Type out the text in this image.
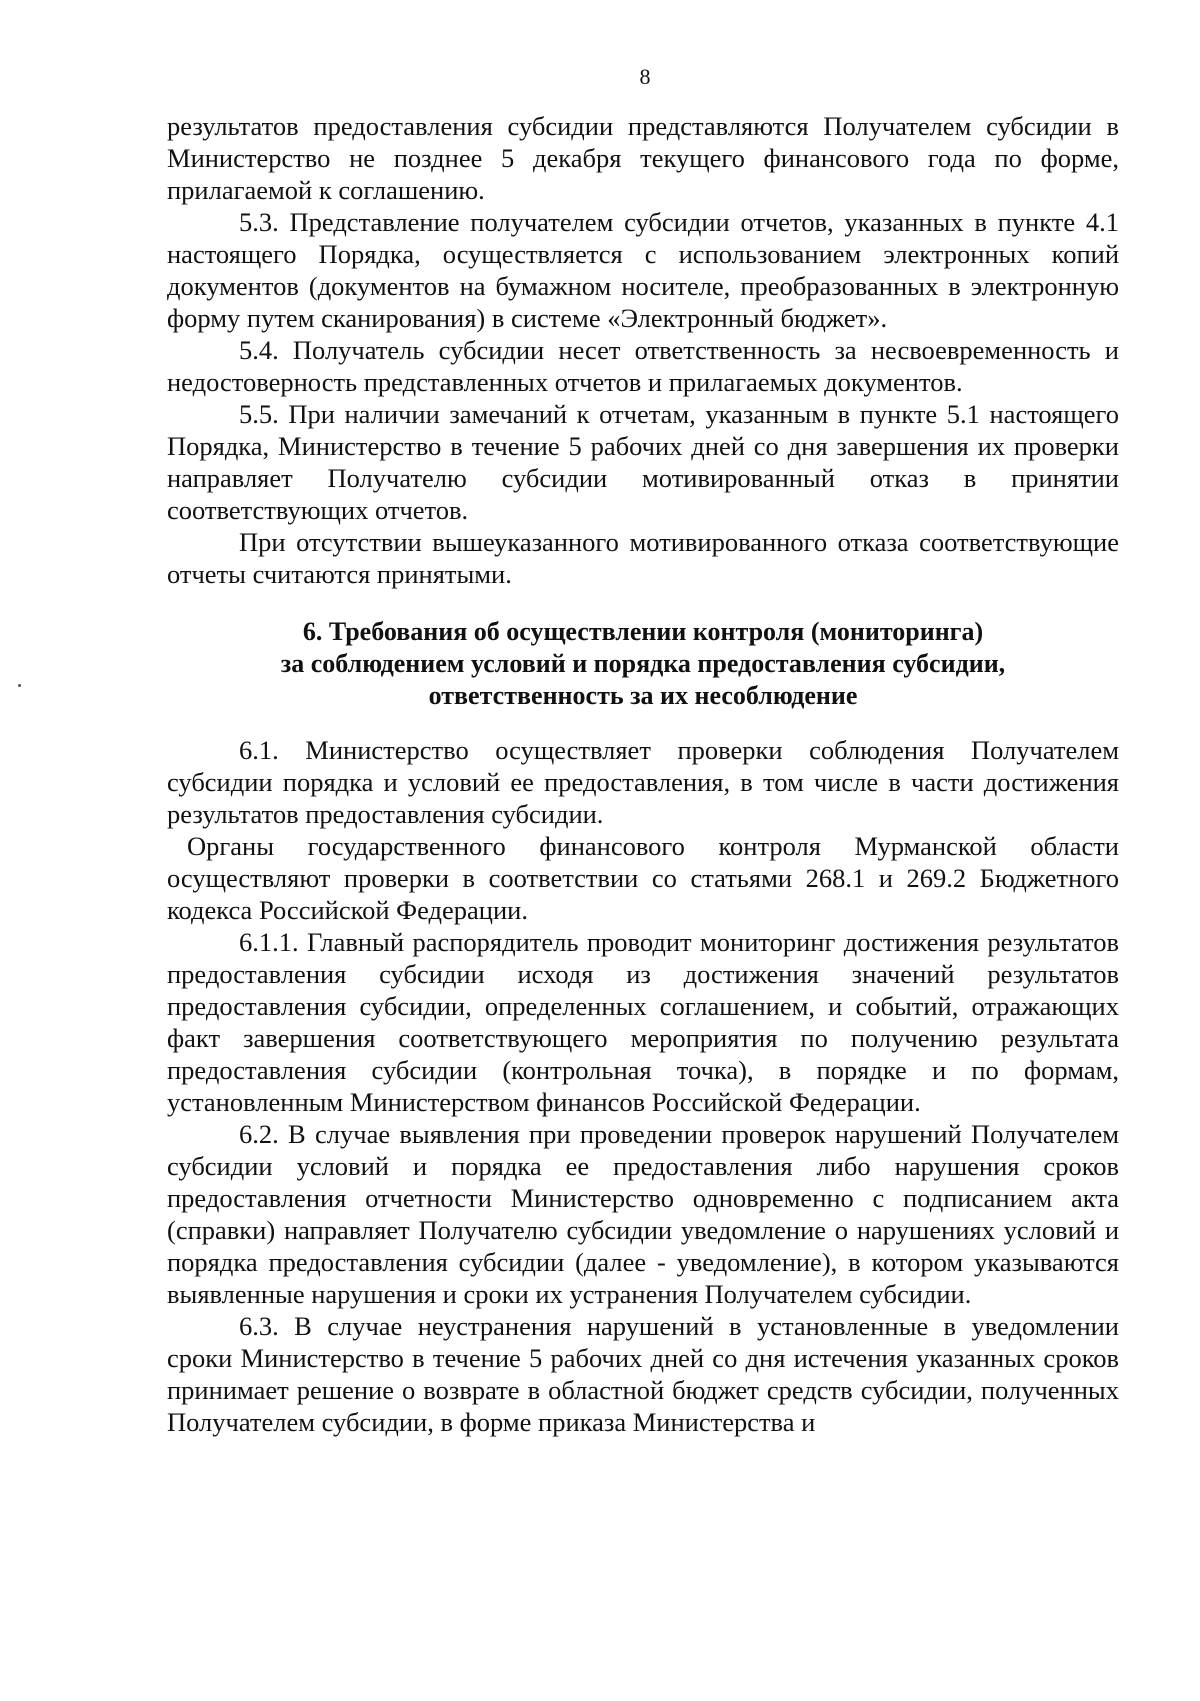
8

результатов предоставления субсидии представляются Получателем субсидии в Министерство не позднее 5 декабря текущего финансового года по форме, прилагаемой к соглашению.

5.3. Представление получателем субсидии отчетов, указанных в пункте 4.1 настоящего Порядка, осуществляется с использованием электронных копий документов (документов на бумажном носителе, преобразованных в электронную форму путем сканирования) в системе «Электронный бюджет».

5.4. Получатель субсидии несет ответственность за несвоевременность и недостоверность представленных отчетов и прилагаемых документов.

5.5. При наличии замечаний к отчетам, указанным в пункте 5.1 настоящего Порядка, Министерство в течение 5 рабочих дней со дня завершения их проверки направляет Получателю субсидии мотивированный отказ в принятии соответствующих отчетов.

При отсутствии вышеуказанного мотивированного отказа соответствующие отчеты считаются принятыми.

6. Требования об осуществлении контроля (мониторинга)
за соблюдением условий и порядка предоставления субсидии,
ответственность за их несоблюдение

6.1. Министерство осуществляет проверки соблюдения Получателем субсидии порядка и условий ее предоставления, в том числе в части достижения результатов предоставления субсидии.

Органы государственного финансового контроля Мурманской области осуществляют проверки в соответствии со статьями 268.1 и 269.2 Бюджетного кодекса Российской Федерации.

6.1.1. Главный распорядитель проводит мониторинг достижения результатов предоставления субсидии исходя из достижения значений результатов предоставления субсидии, определенных соглашением, и событий, отражающих факт завершения соответствующего мероприятия по получению результата предоставления субсидии (контрольная точка), в порядке и по формам, установленным Министерством финансов Российской Федерации.

6.2. В случае выявления при проведении проверок нарушений Получателем субсидии условий и порядка ее предоставления либо нарушения сроков предоставления отчетности Министерство одновременно с подписанием акта (справки) направляет Получателю субсидии уведомление о нарушениях условий и порядка предоставления субсидии (далее - уведомление), в котором указываются выявленные нарушения и сроки их устранения Получателем субсидии.

6.3. В случае неустранения нарушений в установленные в уведомлении сроки Министерство в течение 5 рабочих дней со дня истечения указанных сроков принимает решение о возврате в областной бюджет средств субсидии, полученных Получателем субсидии, в форме приказа Министерства и
